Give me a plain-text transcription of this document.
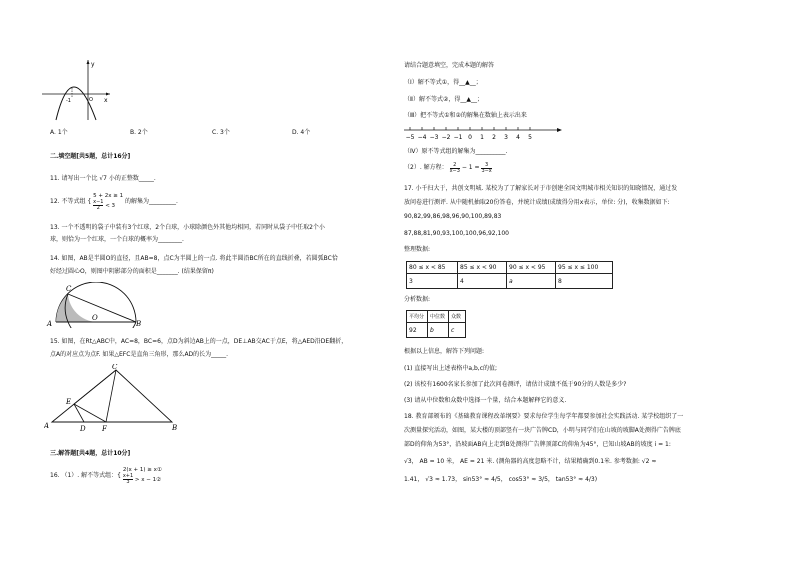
x
y
O
-1
A. 1个	B. 2个	C. 3个	D. 4个
二.填空题[共5题，总计16分]
11. 请写出一个比 √7 小的正整数_____.
12. 不等式组 {
5 + 2x ≥ 1
$\frac{x-1}{2} < 3$
的解集为_________.
13. 一个不透明的袋子中装有3个红球，2个白球，小球除颜色外其他均相同，若同时从袋子中任取2个小
球，则恰为一个红球，一个白球的概率为________.
14. 如图，AB是半圆O的直径，且AB=8，点C为半圆上的一点. 将此半圆沿BC所在的直线折叠，若圆弧BC恰
好经过圆心O，则图中阴影部分的面积是_______. (结果保留π)
C
A
O
B
15. 如图，在Rt△ABC中，AC=8，BC=6，点D为斜边AB上的一点，DE⊥AB交AC于点E，将△AED沿DE翻折，
点A的对应点为点F. 如果△EFC是直角三角形，那么AD的长为_____.
C
E
A	D F	B
三.解答题[共4题，总计10分]
16. （1）. 解不等式组：{
2(x + 1) ≥ x①
$\frac{x+1}{3} > x$ − 1②
请结合题意填空，完成本题的解答
（Ⅰ）解不等式①，得__▲__；
（Ⅱ）解不等式②，得__▲__；
（Ⅲ）把不等式①和②的解集在数轴上表示出来
−5 −4 −3 −2 −1 0 1 2 3 4 5
（Ⅳ）原不等式组的解集为__________.
（2）. 解方程： $\frac{2}{x-3} - 1 = \frac{3}{3-x}$
17. 小千扫大于，共创文明城. 某校为了了解家长对于市创建全国文明城市相关知识的知晓情况，通过发
放问卷进行测评. 从中随机抽取20份答卷，并统计成绩(成绩得分用x表示，单位: 分)，收集数据如下:
90,82,99,86,98,96,90,100,89,83
87,88,81,90,93,100,100,96,92,100
整理数据:
80 ≤ x < 85	85 ≤ x < 90	90 ≤ x < 95	95 ≤ x ≤ 100
3	4	a	8
分析数据:
平均分	中位数	众数
92	b	c
根据以上信息，解答下列问题:
(1) 直接写出上述表格中a,b,c的值;
(2) 该校有1600名家长参加了此次问卷测评，请估计成绩不低于90分的人数是多少?
(3) 请从中位数和众数中选择一个量，结合本题解释它的意义.
18. 教育部颁布的《基础教育课程改革纲要》要求每位学生每学年都要参加社会实践活动. 某学校组织了一
次测量探究活动，如图，某大楼的顶部竖有一块广告牌CD，小明与同学们在山坡的坡脚A处测得广告牌底
部D的仰角为53°，沿坡面AB向上走到B处测得广告牌顶部C的仰角为45°，已知山坡AB的坡度 i = 1:
√3， AB = 10 米， AE = 21 米. (测角器的高度忽略不计，结果精确到0.1米. 参考数据: √2 ≈
1.41， √3 ≈ 1.73， sin53° ≈ 4/5， cos53° ≈ 3/5， tan53° ≈ 4/3)
